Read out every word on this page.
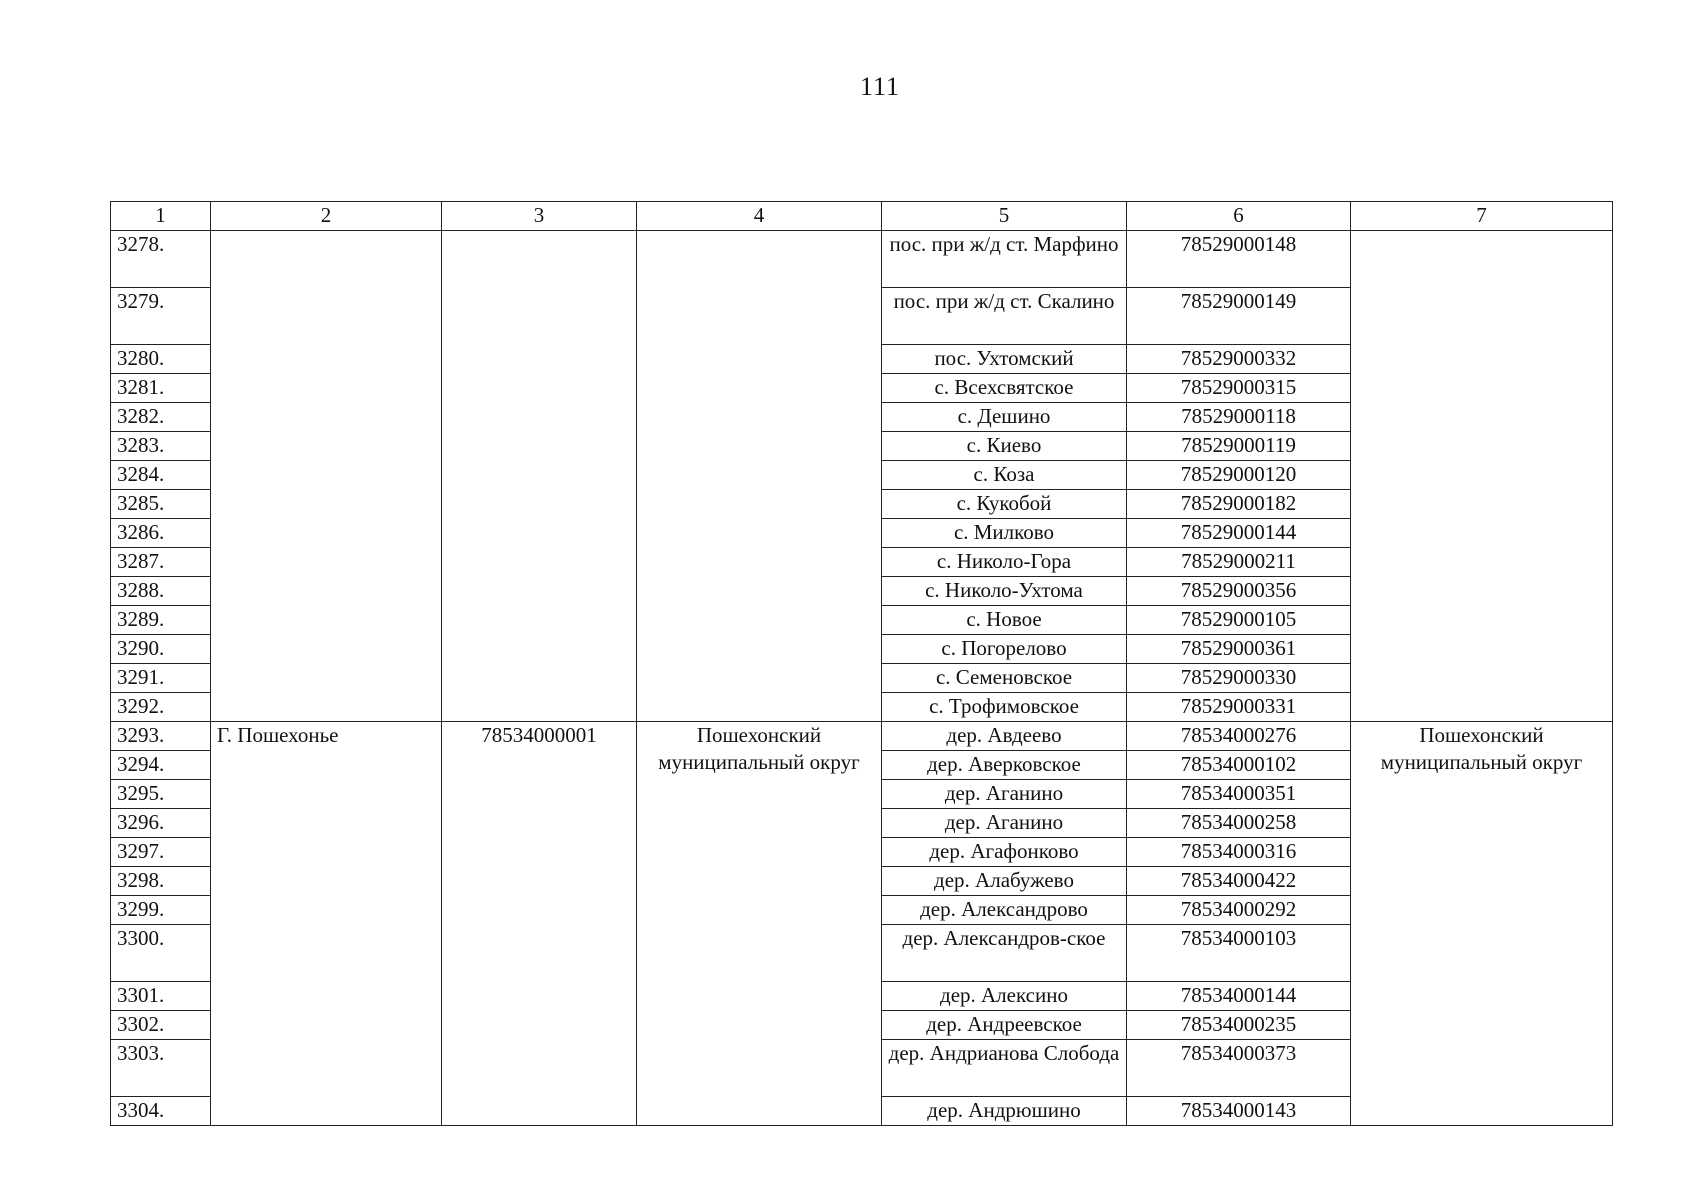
111
1	2	3	4	5	6	7
3278.				пос. при ж/д ст. Марфино	78529000148	
3279.				пос. при ж/д ст. Скалино	78529000149	
3280.				пос. Ухтомский	78529000332	
3281.				с. Всехсвятское	78529000315	
3282.				с. Дешино	78529000118	
3283.				с. Киево	78529000119	
3284.				с. Коза	78529000120	
3285.				с. Кукобой	78529000182	
3286.				с. Милково	78529000144	
3287.				с. Николо-Гора	78529000211	
3288.				с. Николо-Ухтома	78529000356	
3289.				с. Новое	78529000105	
3290.				с. Погорелово	78529000361	
3291.				с. Семеновское	78529000330	
3292.				с. Трофимовское	78529000331	
3293.	Г. Пошехонье	78534000001	Пошехонский муниципальный округ	дер. Авдеево	78534000276	Пошехонский муниципальный округ
3294.				дер. Аверковское	78534000102	
3295.				дер. Аганино	78534000351	
3296.				дер. Аганино	78534000258	
3297.				дер. Агафонково	78534000316	
3298.				дер. Алабужево	78534000422	
3299.				дер. Александрово	78534000292	
3300.				дер. Александров-ское	78534000103	
3301.				дер. Алексино	78534000144	
3302.				дер. Андреевское	78534000235	
3303.				дер. Андрианова Слобода	78534000373	
3304.				дер. Андрюшино	78534000143	
